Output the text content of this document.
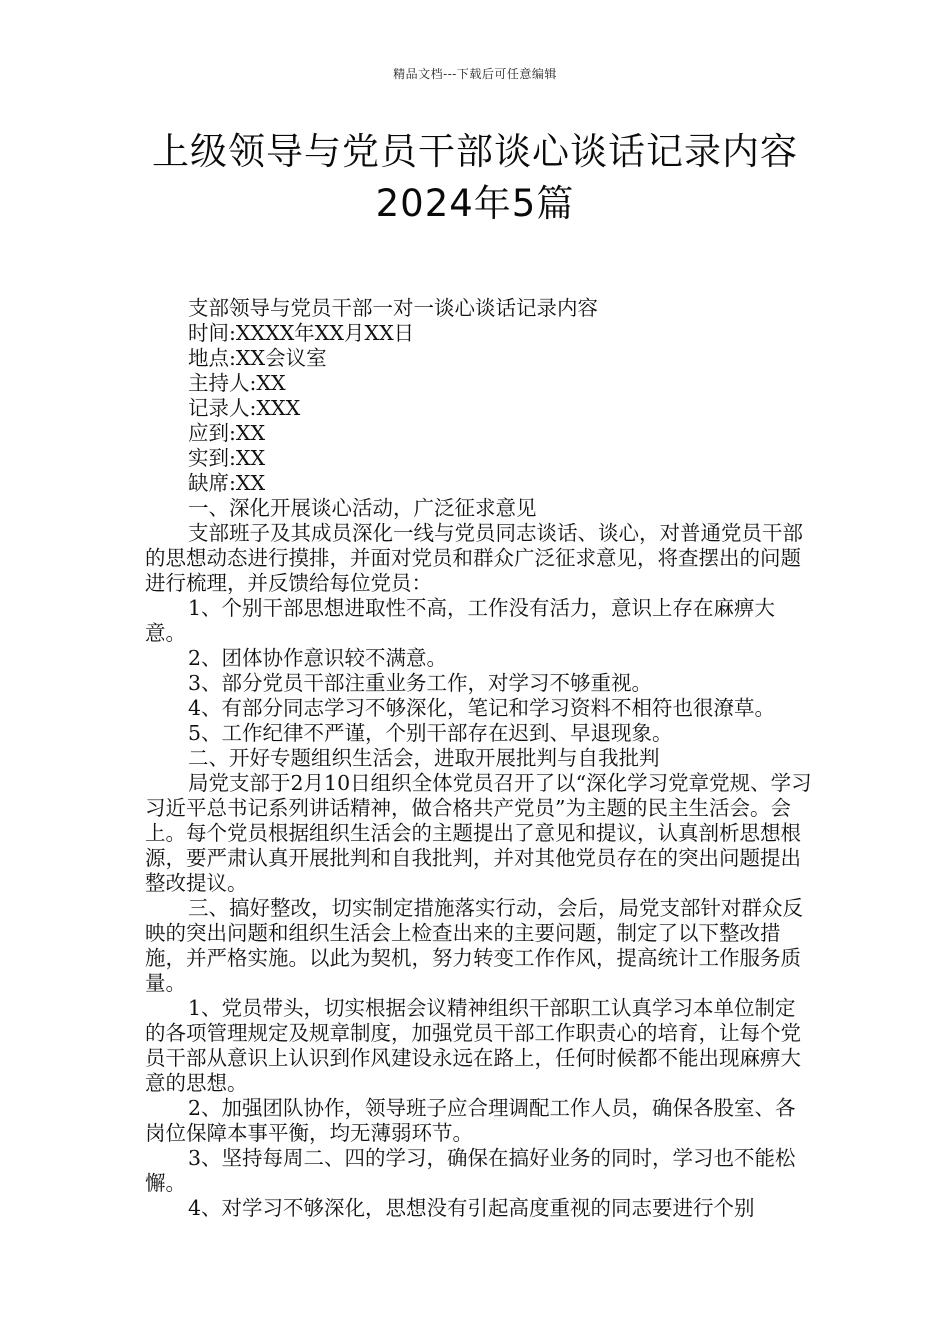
精品文档---下载后可任意编辑
上级领导与党员干部谈心谈话记录内容
2024年5篇

支部领导与党员干部一对一谈心谈话记录内容

时间:XXXX年XX月XX日

地点:XX会议室

主持人:XX

记录人:XXX

应到:XX

实到:XX

缺席:XX

一、深化开展谈心活动，广泛征求意见

支部班子及其成员深化一线与党员同志谈话、谈心，对普通党员干部的思想动态进行摸排，并面对党员和群众广泛征求意见，将查摆出的问题进行梳理，并反馈给每位党员：

1、个别干部思想进取性不高，工作没有活力，意识上存在麻痹大意。

2、团体协作意识较不满意。

3、部分党员干部注重业务工作，对学习不够重视。

4、有部分同志学习不够深化，笔记和学习资料不相符也很潦草。

5、工作纪律不严谨，个别干部存在迟到、早退现象。

二、开好专题组织生活会，进取开展批判与自我批判

局党支部于2月10日组织全体党员召开了以“深化学习党章党规、学习习近平总书记系列讲话精神，做合格共产党员”为主题的民主生活会。会上。每个党员根据组织生活会的主题提出了意见和提议，认真剖析思想根源，要严肃认真开展批判和自我批判，并对其他党员存在的突出问题提出整改提议。

三、搞好整改，切实制定措施落实行动，会后，局党支部针对群众反映的突出问题和组织生活会上检查出来的主要问题，制定了以下整改措施，并严格实施。以此为契机，努力转变工作作风，提高统计工作服务质量。

1、党员带头，切实根据会议精神组织干部职工认真学习本单位制定的各项管理规定及规章制度，加强党员干部工作职责心的培育，让每个党员干部从意识上认识到作风建设永远在路上，任何时候都不能出现麻痹大意的思想。

2、加强团队协作，领导班子应合理调配工作人员，确保各股室、各岗位保障本事平衡，均无薄弱环节。

3、坚持每周二、四的学习，确保在搞好业务的同时，学习也不能松懈。

4、对学习不够深化，思想没有引起高度重视的同志要进行个别
